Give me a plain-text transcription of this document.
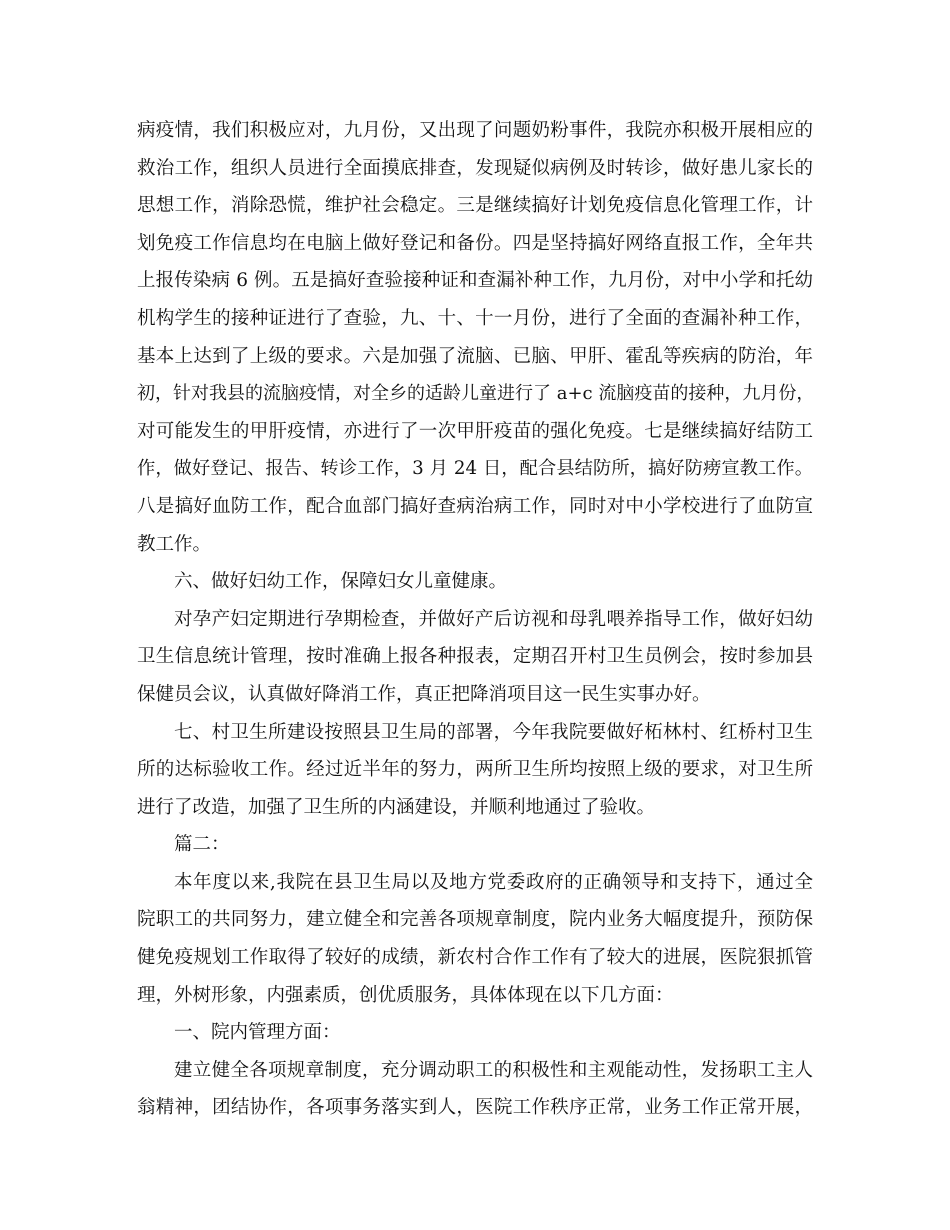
病疫情，我们积极应对，九月份，又出现了问题奶粉事件，我院亦积极开展相应的
救治工作，组织人员进行全面摸底排查，发现疑似病例及时转诊，做好患儿家长的
思想工作，消除恐慌，维护社会稳定。三是继续搞好计划免疫信息化管理工作，计
划免疫工作信息均在电脑上做好登记和备份。四是坚持搞好网络直报工作，全年共
上报传染病 6 例。五是搞好查验接种证和查漏补种工作，九月份，对中小学和托幼
机构学生的接种证进行了查验，九、十、十一月份，进行了全面的查漏补种工作，
基本上达到了上级的要求。六是加强了流脑、已脑、甲肝、霍乱等疾病的防治，年
初，针对我县的流脑疫情，对全乡的适龄儿童进行了 a+c 流脑疫苗的接种，九月份，
对可能发生的甲肝疫情，亦进行了一次甲肝疫苗的强化免疫。七是继续搞好结防工
作，做好登记、报告、转诊工作，3 月 24 日，配合县结防所，搞好防痨宣教工作。
八是搞好血防工作，配合血部门搞好查病治病工作，同时对中小学校进行了血防宣
教工作。
六、做好妇幼工作，保障妇女儿童健康。
对孕产妇定期进行孕期检查，并做好产后访视和母乳喂养指导工作，做好妇幼
卫生信息统计管理，按时准确上报各种报表，定期召开村卫生员例会，按时参加县
保健员会议，认真做好降消工作，真正把降消项目这一民生实事办好。
七、村卫生所建设按照县卫生局的部署，今年我院要做好柘林村、红桥村卫生
所的达标验收工作。经过近半年的努力，两所卫生所均按照上级的要求，对卫生所
进行了改造，加强了卫生所的内涵建设，并顺利地通过了验收。
篇二：
本年度以来,我院在县卫生局以及地方党委政府的正确领导和支持下，通过全
院职工的共同努力，建立健全和完善各项规章制度，院内业务大幅度提升，预防保
健免疫规划工作取得了较好的成绩，新农村合作工作有了较大的进展，医院狠抓管
理，外树形象，内强素质，创优质服务，具体体现在以下几方面：
一、院内管理方面：
建立健全各项规章制度，充分调动职工的积极性和主观能动性，发扬职工主人
翁精神，团结协作，各项事务落实到人，医院工作秩序正常，业务工作正常开展，
